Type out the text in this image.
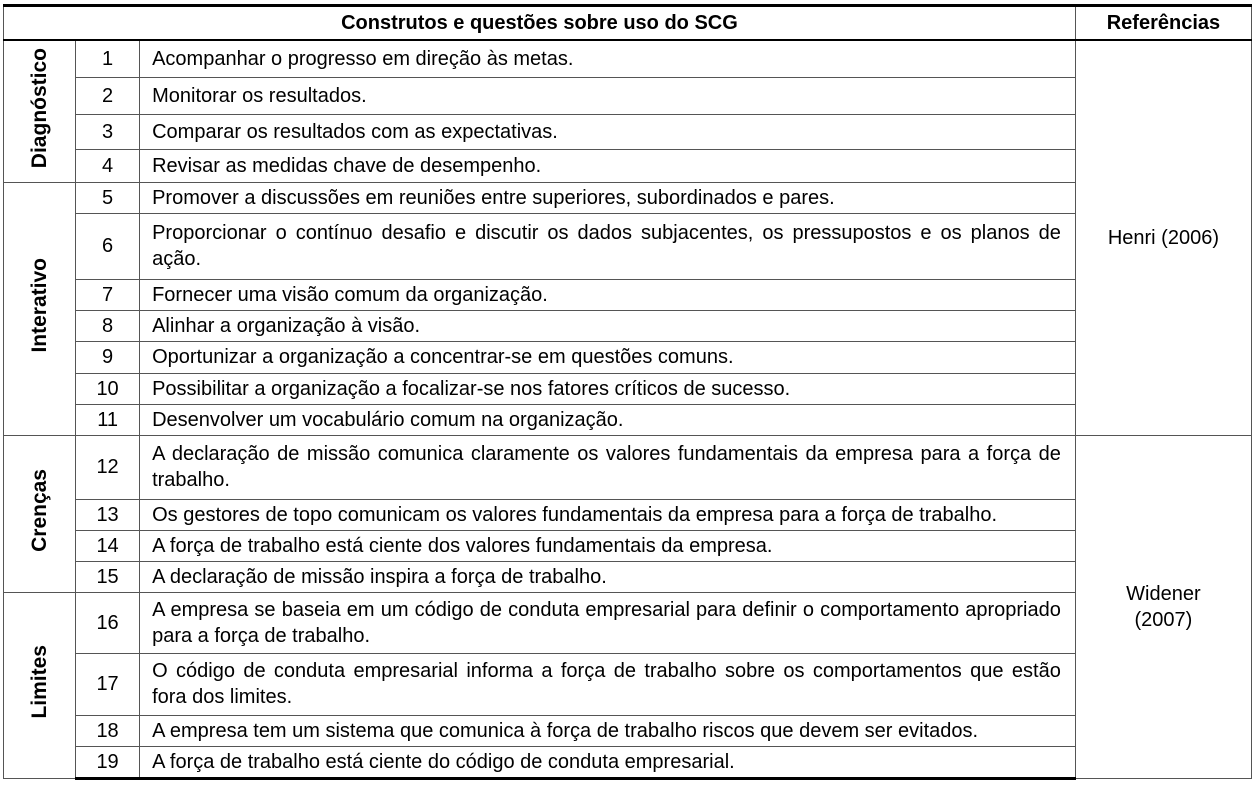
Construtos e questões sobre uso do SCG			Referências
Diagnóstico	1	Acompanhar o progresso em direção às metas.	Henri (2006)

	2	Monitorar os resultados.	
	3	Comparar os resultados com as expectativas.	
	4	Revisar as medidas chave de desempenho.	
Interativo	5	Promover a discussões em reuniões entre superiores, subordinados e pares.	
	6	Proporcionar o contínuo desafio e discutir os dados subjacentes, os pressupostos e os planos de ação.	
	7	Fornecer uma visão comum da organização.	
	8	Alinhar a organização à visão.	
	9	Oportunizar a organização a concentrar-se em questões comuns.	
	10	Possibilitar a organização a focalizar-se nos fatores críticos de sucesso.	
	11	Desenvolver um vocabulário comum na organização.	
Crenças	12	A declaração de missão comunica claramente os valores fundamentais da empresa para a força de trabalho.	Widener
(2007)

	13	Os gestores de topo comunicam os valores fundamentais da empresa para a força de trabalho.	
	14	A força de trabalho está ciente dos valores fundamentais da empresa.	
	15	A declaração de missão inspira a força de trabalho.	
Limites	16	A empresa se baseia em um código de conduta empresarial para definir o comportamento apropriado para a força de trabalho.	
	17	O código de conduta empresarial informa a força de trabalho sobre os comportamentos que estão fora dos limites.	
	18	A empresa tem um sistema que comunica à força de trabalho riscos que devem ser evitados.	
	19	A força de trabalho está ciente do código de conduta empresarial.	
